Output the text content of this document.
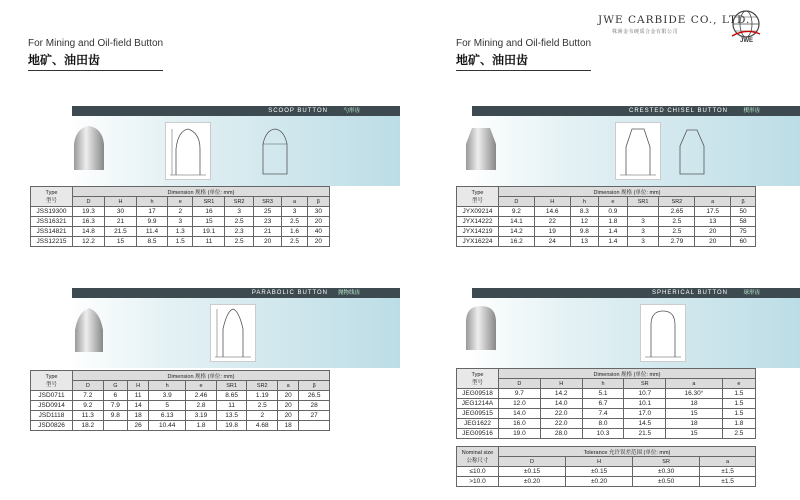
JWE CARBIDE CO., LTD.
株洲金韦硬质合金有限公司
JWE
For Mining and Oil-field Button
地矿、油田齿
SCOOP BUTTON	勺形齿
Type
型号	Dimension 规格 (单位: mm)								
	D	H	h	e	SR1	SR2	SR3	a	β
JSS19300	19.3	30	17	2	16	3	25	3	30
JSS16321	16.3	21	9.9	3	15	2.5	23	2.5	20
JSS14821	14.8	21.5	11.4	1.3	19.1	2.3	21	1.6	40
JSS12215	12.2	15	8.5	1.5	11	2.5	20	2.5	20
PARABOLIC BUTTON 抛物线齿
Type
型号	Dimension 规格 (单位: mm)								
	D	G	H	h	e	SR1	SR2	a	β
JSD0711	7.2	6	11	3.9	2.46	8.65	1.19	20	26.5
JSD0914	9.2	7.9	14	5	2.8	11	2.5	20	28
JSD1118	11.3	9.8	18	6.13	3.19	13.5	2	20	27
JSD0826	18.2		26	10.44	1.8	19.8	4.68	18	
For Mining and Oil-field Button
地矿、油田齿
CRESTED CHISEL BUTTON	楔形齿
Type
型号	Dimension 规格 (单位: mm)							
	D	H	h	e	SR1	SR2	a	β
JYX09214	9.2	14.6	8.3	0.9		2.65	17.5	50
JYX14222	14.1	22	12	1.8	3	2.5	13	58
JYX14219	14.2	19	9.8	1.4	3	2.5	20	75
JYX16224	16.2	24	13	1.4	3	2.79	20	60
SPHERICAL BUTTON	球形齿
Type
型号	Dimension 规格 (单位: mm)					
	D	H	h	SR	a	e
JEG09518	9.7	14.2	5.1	10.7	16.30°	1.5
JEG1214A	12.0	14.0	6.7	10.1	18	1.5
JEG09515	14.0	22.0	7.4	17.0	15	1.5
JEG1622	16.0	22.0	8.0	14.5	18	1.8
JEG09516	19.0	28.0	10.3	21.5	15	2.5
Nominal size
公称尺寸	Tolerance 允许误差范围 (单位: mm)			
	D	H	SR	a
≤10.0	±0.15	±0.15	±0.30	±1.5
>10.0	±0.20	±0.20	±0.50	±1.5
